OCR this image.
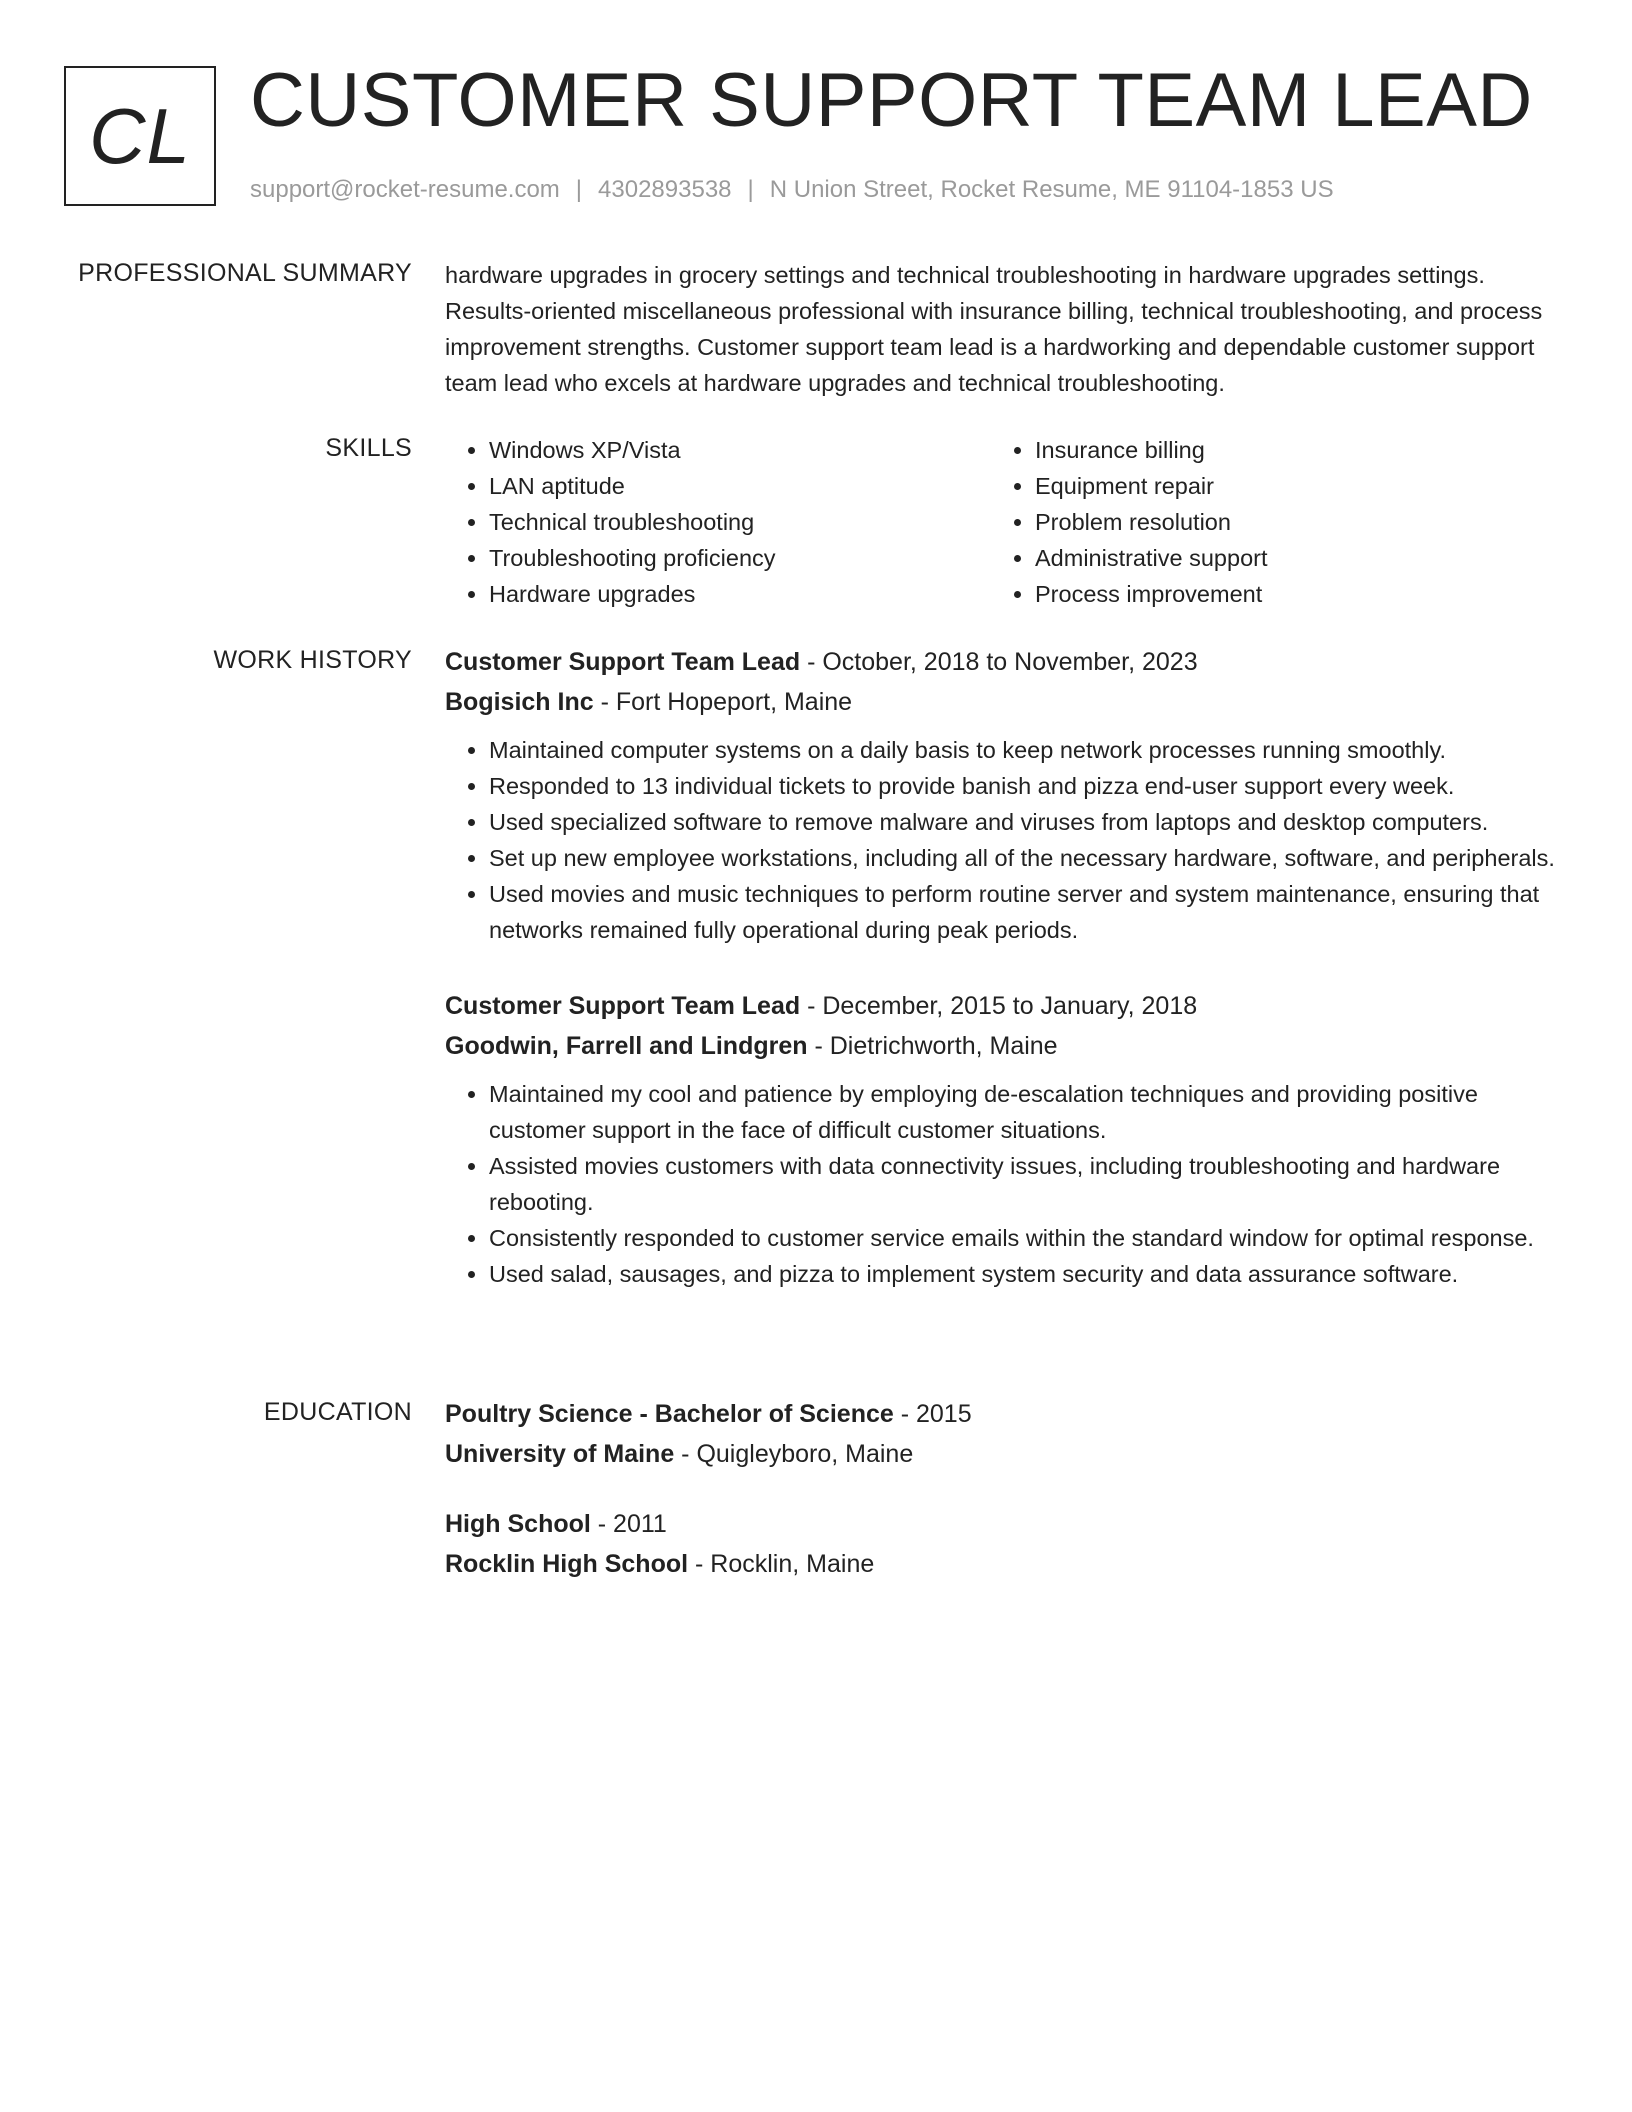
CL CUSTOMER SUPPORT TEAM LEAD
support@rocket-resume.com | 4302893538 | N Union Street, Rocket Resume, ME 91104-1853 US
PROFESSIONAL SUMMARY hardware upgrades in grocery settings and technical troubleshooting in hardware upgrades settings. Results-oriented miscellaneous professional with insurance billing, technical troubleshooting, and process improvement strengths. Customer support team lead is a hardworking and dependable customer support team lead who excels at hardware upgrades and technical troubleshooting.

SKILLS
•	Windows XP/Vista
• LAN aptitude
• Technical troubleshooting
• Troubleshooting proficiency
• Hardware upgrades
• Insurance billing
• Equipment repair
• Problem resolution
• Administrative support
• Process improvement
WORK HISTORY Customer Support Team Lead - October, 2018 to November, 2023
Bogisich Inc - Fort Hopeport, Maine
• Maintained computer systems on a daily basis to keep network processes running smoothly.
• Responded to 13 individual tickets to provide banish and pizza end-user support every week.
• Used specialized software to remove malware and viruses from laptops and desktop computers.
• Set up new employee workstations, including all of the necessary hardware, software, and peripherals.
• Used movies and music techniques to perform routine server and system maintenance, ensuring that networks remained fully operational during peak periods.
Customer Support Team Lead - December, 2015 to January, 2018
Goodwin, Farrell and Lindgren - Dietrichworth, Maine
• Maintained my cool and patience by employing de-escalation techniques and providing positive customer support in the face of difficult customer situations.
• Assisted movies customers with data connectivity issues, including troubleshooting and hardware rebooting.
• Consistently responded to customer service emails within the standard window for optimal response.
• Used salad, sausages, and pizza to implement system security and data assurance software.
EDUCATION Poultry Science - Bachelor of Science - 2015
University of Maine - Quigleyboro, Maine
High School - 2011
Rocklin High School - Rocklin, Maine
